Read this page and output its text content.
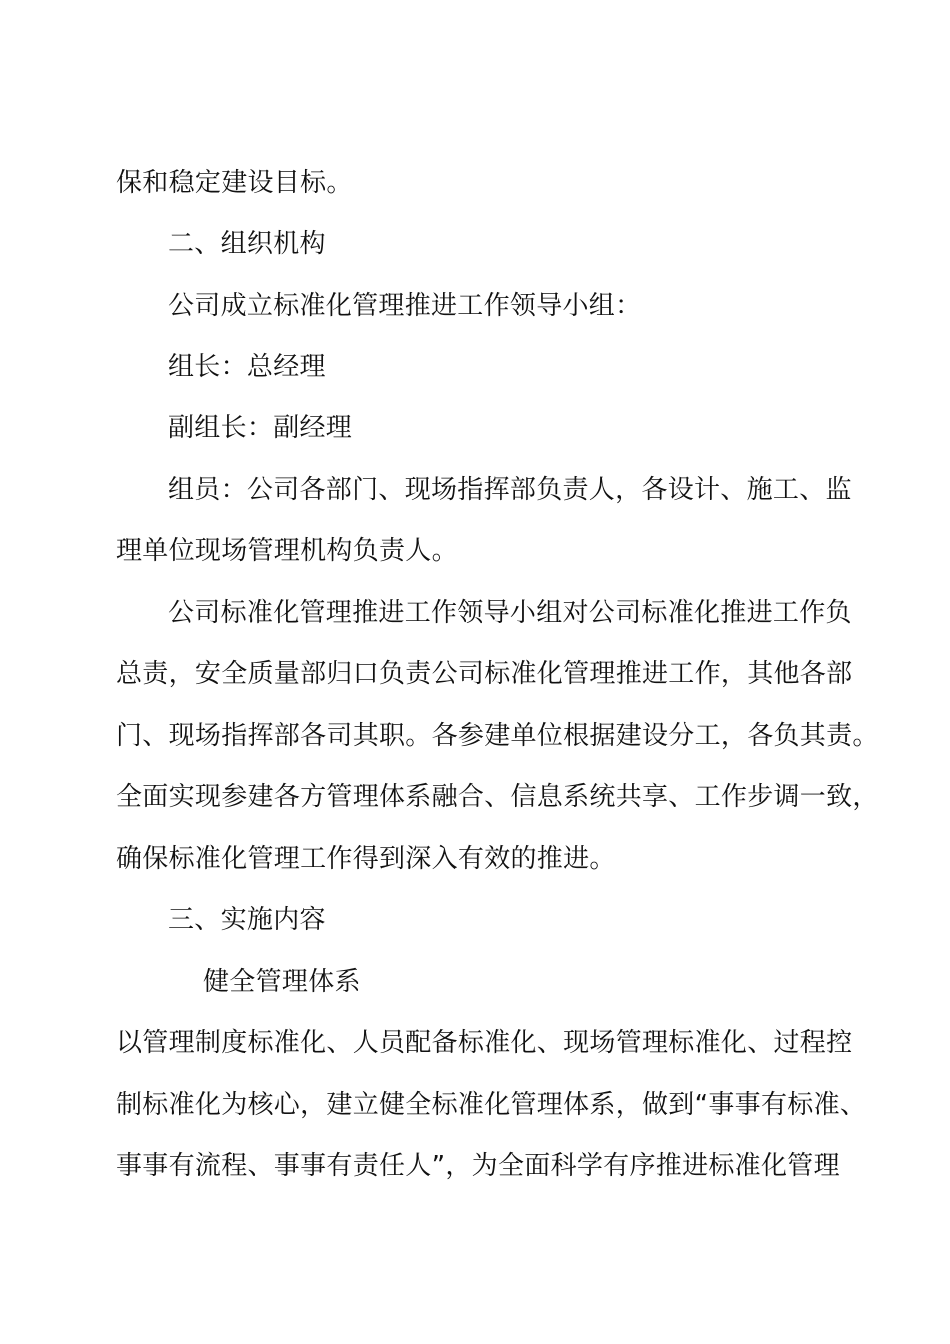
保和稳定建设目标。
二、组织机构
公司成立标准化管理推进工作领导小组：
组长：总经理
副组长：副经理
组员：公司各部门、现场指挥部负责人，各设计、施工、监
理单位现场管理机构负责人。
公司标准化管理推进工作领导小组对公司标准化推进工作负
总责，安全质量部归口负责公司标准化管理推进工作，其他各部
门、现场指挥部各司其职。各参建单位根据建设分工，各负其责。
全面实现参建各方管理体系融合、信息系统共享、工作步调一致，
确保标准化管理工作得到深入有效的推进。
三、实施内容
健全管理体系
以管理制度标准化、人员配备标准化、现场管理标准化、过程控
制标准化为核心，建立健全标准化管理体系，做到“事事有标准、
事事有流程、事事有责任人”，为全面科学有序推进标准化管理
